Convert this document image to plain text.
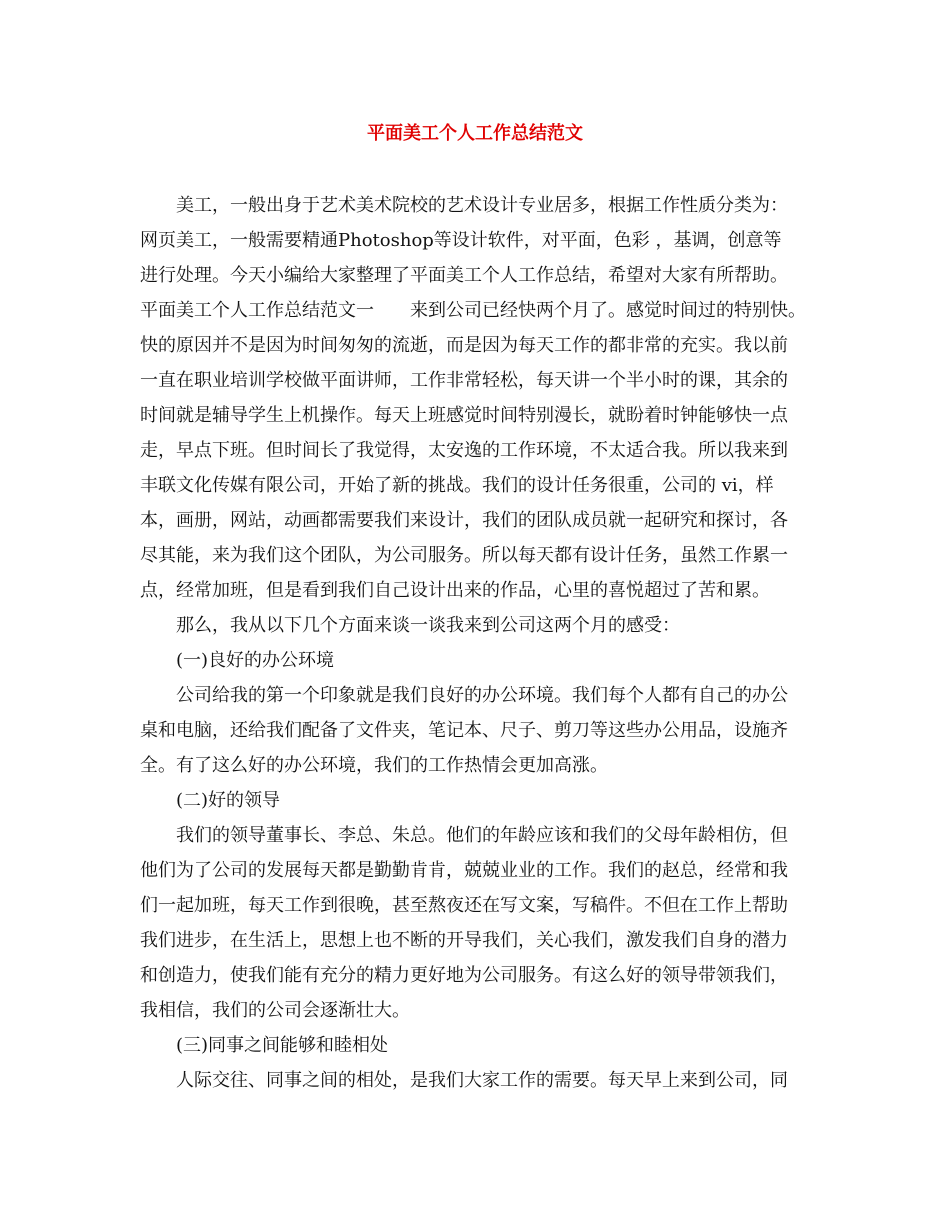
平面美工个人工作总结范文
美工，一般出身于艺术美术院校的艺术设计专业居多，根据工作性质分类为：
网页美工，一般需要精通Photoshop等设计软件，对平面，色彩 ，基调，创意等
进行处理。今天小编给大家整理了平面美工个人工作总结，希望对大家有所帮助。
平面美工个人工作总结范文一　　来到公司已经快两个月了。感觉时间过的特别快。
快的原因并不是因为时间匆匆的流逝，而是因为每天工作的都非常的充实。我以前
一直在职业培训学校做平面讲师，工作非常轻松，每天讲一个半小时的课，其余的
时间就是辅导学生上机操作。每天上班感觉时间特别漫长，就盼着时钟能够快一点
走，早点下班。但时间长了我觉得，太安逸的工作环境，不太适合我。所以我来到
丰联文化传媒有限公司，开始了新的挑战。我们的设计任务很重，公司的 vi，样
本，画册，网站，动画都需要我们来设计，我们的团队成员就一起研究和探讨，各
尽其能，来为我们这个团队，为公司服务。所以每天都有设计任务，虽然工作累一
点，经常加班，但是看到我们自己设计出来的作品，心里的喜悦超过了苦和累。
那么，我从以下几个方面来谈一谈我来到公司这两个月的感受：
(一)良好的办公环境
公司给我的第一个印象就是我们良好的办公环境。我们每个人都有自己的办公
桌和电脑，还给我们配备了文件夹，笔记本、尺子、剪刀等这些办公用品，设施齐
全。有了这么好的办公环境，我们的工作热情会更加高涨。
(二)好的领导
我们的领导董事长、李总、朱总。他们的年龄应该和我们的父母年龄相仿，但
他们为了公司的发展每天都是勤勤肯肯，兢兢业业的工作。我们的赵总，经常和我
们一起加班，每天工作到很晚，甚至熬夜还在写文案，写稿件。不但在工作上帮助
我们进步，在生活上，思想上也不断的开导我们，关心我们，激发我们自身的潜力
和创造力，使我们能有充分的精力更好地为公司服务。有这么好的领导带领我们，
我相信，我们的公司会逐渐壮大。
(三)同事之间能够和睦相处
人际交往、同事之间的相处，是我们大家工作的需要。每天早上来到公司，同
